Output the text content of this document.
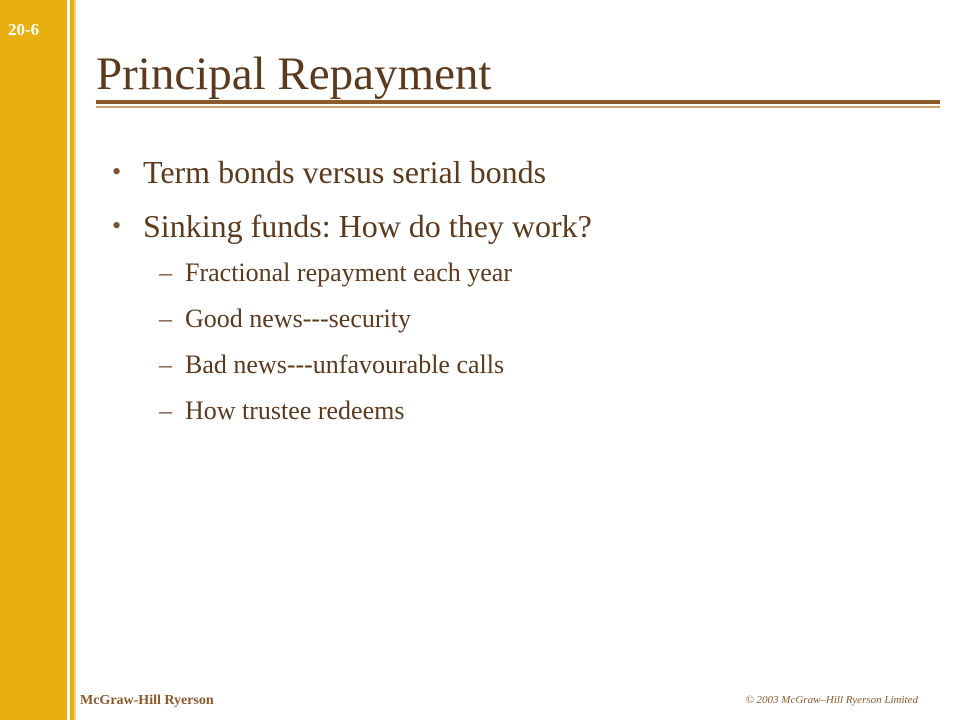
20-6
Principal Repayment
• Term bonds versus serial bonds
• Sinking funds: How do they work?
– Fractional repayment each year
– Good news---security
– Bad news---unfavourable calls
– How trustee redeems
McGraw-Hill Ryerson	© 2003 McGraw–Hill Ryerson Limited
